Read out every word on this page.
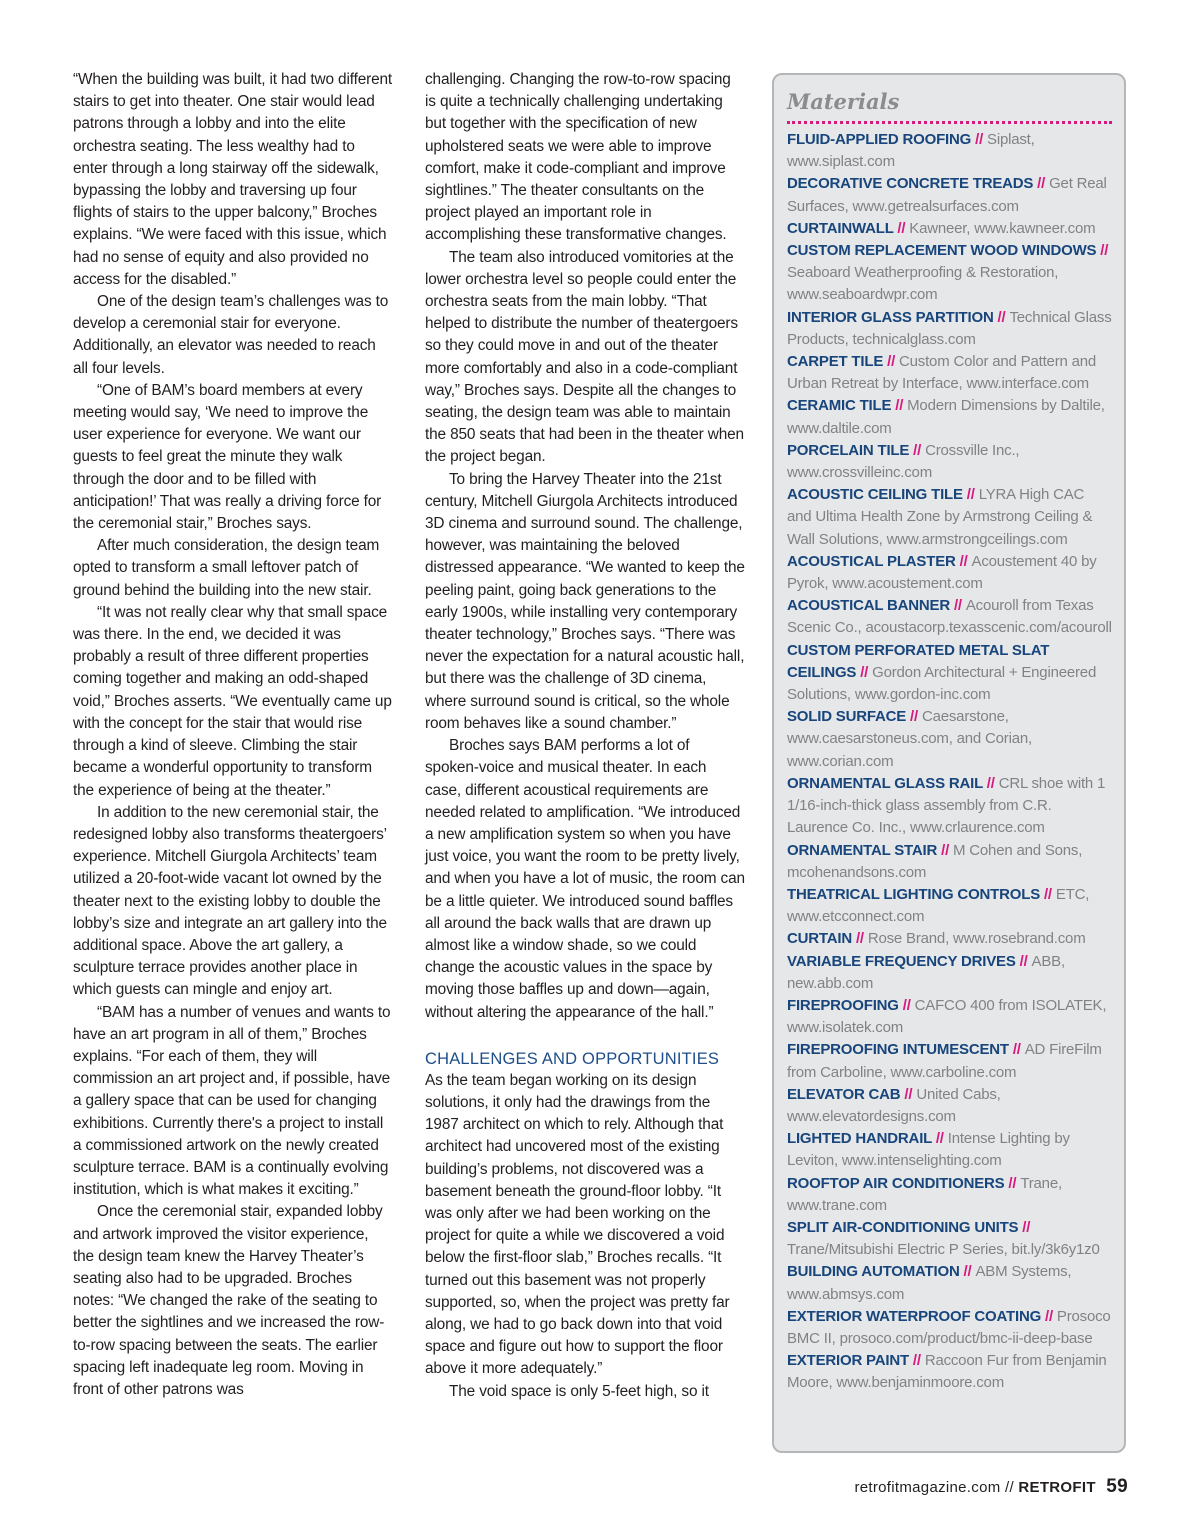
“When the building was built, it had two different stairs to get into theater. One stair would lead patrons through a lobby and into the elite orchestra seating. The less wealthy had to enter through a long stairway off the sidewalk, bypassing the lobby and traversing up four flights of stairs to the upper balcony,” Broches explains. “We were faced with this issue, which had no sense of equity and also provided no access for the disabled.”

One of the design team’s challenges was to develop a ceremonial stair for everyone. Additionally, an elevator was needed to reach all four levels.

“One of BAM’s board members at every meeting would say, ‘We need to improve the user experience for everyone. We want our guests to feel great the minute they walk through the door and to be filled with anticipation!’ That was really a driving force for the ceremonial stair,” Broches says.

After much consideration, the design team opted to transform a small leftover patch of ground behind the building into the new stair.

“It was not really clear why that small space was there. In the end, we decided it was probably a result of three different properties coming together and making an odd-shaped void,” Broches asserts. “We eventually came up with the concept for the stair that would rise through a kind of sleeve. Climbing the stair became a wonderful opportunity to transform the experience of being at the theater.”

In addition to the new ceremonial stair, the redesigned lobby also transforms theatergoers’ experience. Mitchell Giurgola Architects’ team utilized a 20-foot-wide vacant lot owned by the theater next to the existing lobby to double the lobby’s size and integrate an art gallery into the additional space. Above the art gallery, a sculpture terrace provides another place in which guests can mingle and enjoy art.

“BAM has a number of venues and wants to have an art program in all of them,” Broches explains. “For each of them, they will commission an art project and, if possible, have a gallery space that can be used for changing exhibitions. Currently there's a project to install a commissioned artwork on the newly created sculpture terrace. BAM is a continually evolving institution, which is what makes it exciting.”

Once the ceremonial stair, expanded lobby and artwork improved the visitor experience, the design team knew the Harvey Theater’s seating also had to be upgraded. Broches notes: “We changed the rake of the seating to better the sightlines and we increased the row-to-row spacing between the seats. The earlier spacing left inadequate leg room. Moving in front of other patrons was

challenging. Changing the row-to-row spacing is quite a technically challenging undertaking but together with the specification of new upholstered seats we were able to improve comfort, make it code-compliant and improve sightlines.” The theater consultants on the project played an important role in accomplishing these transformative changes.

The team also introduced vomitories at the lower orchestra level so people could enter the orchestra seats from the main lobby. “That helped to distribute the number of theatergoers so they could move in and out of the theater more comfortably and also in a code-compliant way,” Broches says. Despite all the changes to seating, the design team was able to maintain the 850 seats that had been in the theater when the project began.

To bring the Harvey Theater into the 21st century, Mitchell Giurgola Architects introduced 3D cinema and surround sound. The challenge, however, was maintaining the beloved distressed appearance. “We wanted to keep the peeling paint, going back generations to the early 1900s, while installing very contemporary theater technology,” Broches says. “There was never the expectation for a natural acoustic hall, but there was the challenge of 3D cinema, where surround sound is critical, so the whole room behaves like a sound chamber.”

Broches says BAM performs a lot of spoken-voice and musical theater. In each case, different acoustical requirements are needed related to amplification. “We introduced a new amplification system so when you have just voice, you want the room to be pretty lively, and when you have a lot of music, the room can be a little quieter. We introduced sound baffles all around the back walls that are drawn up almost like a window shade, so we could change the acoustic values in the space by moving those baffles up and down—again, without altering the appearance of the hall.”

CHALLENGES AND OPPORTUNITIES

As the team began working on its design solutions, it only had the drawings from the 1987 architect on which to rely. Although that architect had uncovered most of the existing building’s problems, not discovered was a basement beneath the ground-floor lobby. “It was only after we had been working on the project for quite a while we discovered a void below the first-floor slab,” Broches recalls. “It turned out this basement was not properly supported, so, when the project was pretty far along, we had to go back down into that void space and figure out how to support the floor above it more adequately.”

The void space is only 5-feet high, so it

Materials
FLUID-APPLIED ROOFING // Siplast, www.siplast.com
DECORATIVE CONCRETE TREADS // Get Real Surfaces, www.getrealsurfaces.com
CURTAINWALL // Kawneer, www.kawneer.com
CUSTOM REPLACEMENT WOOD WINDOWS // Seaboard Weatherproofing & Restoration, www.seaboardwpr.com
INTERIOR GLASS PARTITION // Technical Glass Products, technicalglass.com
CARPET TILE // Custom Color and Pattern and Urban Retreat by Interface, www.interface.com
CERAMIC TILE // Modern Dimensions by Daltile, www.daltile.com
PORCELAIN TILE // Crossville Inc., www.crossvilleinc.com
ACOUSTIC CEILING TILE // LYRA High CAC and Ultima Health Zone by Armstrong Ceiling & Wall Solutions, www.armstrongceilings.com
ACOUSTICAL PLASTER // Acoustement 40 by Pyrok, www.acoustement.com
ACOUSTICAL BANNER // Acouroll from Texas Scenic Co., acoustacorp.texasscenic.com/acouroll
CUSTOM PERFORATED METAL SLAT CEILINGS // Gordon Architectural + Engineered Solutions, www.gordon-inc.com
SOLID SURFACE // Caesarstone, www.caesarstoneus.com, and Corian, www.corian.com
ORNAMENTAL GLASS RAIL // CRL shoe with 1 1/16-inch-thick glass assembly from C.R. Laurence Co. Inc., www.crlaurence.com
ORNAMENTAL STAIR // M Cohen and Sons, mcohenandsons.com
THEATRICAL LIGHTING CONTROLS // ETC, www.etcconnect.com
CURTAIN // Rose Brand, www.rosebrand.com
VARIABLE FREQUENCY DRIVES // ABB, new.abb.com
FIREPROOFING // CAFCO 400 from ISOLATEK, www.isolatek.com
FIREPROOFING INTUMESCENT // AD FireFilm from Carboline, www.carboline.com
ELEVATOR CAB // United Cabs, www.elevatordesigns.com
LIGHTED HANDRAIL // Intense Lighting by Leviton, www.intenselighting.com
ROOFTOP AIR CONDITIONERS // Trane, www.trane.com
SPLIT AIR-CONDITIONING UNITS // Trane/Mitsubishi Electric P Series, bit.ly/3k6y1z0
BUILDING AUTOMATION // ABM Systems, www.abmsys.com
EXTERIOR WATERPROOF COATING // Prosoco BMC II, prosoco.com/product/bmc-ii-deep-base
EXTERIOR PAINT // Raccoon Fur from Benjamin Moore, www.benjaminmoore.com
retrofitmagazine.com // RETROFIT 59
